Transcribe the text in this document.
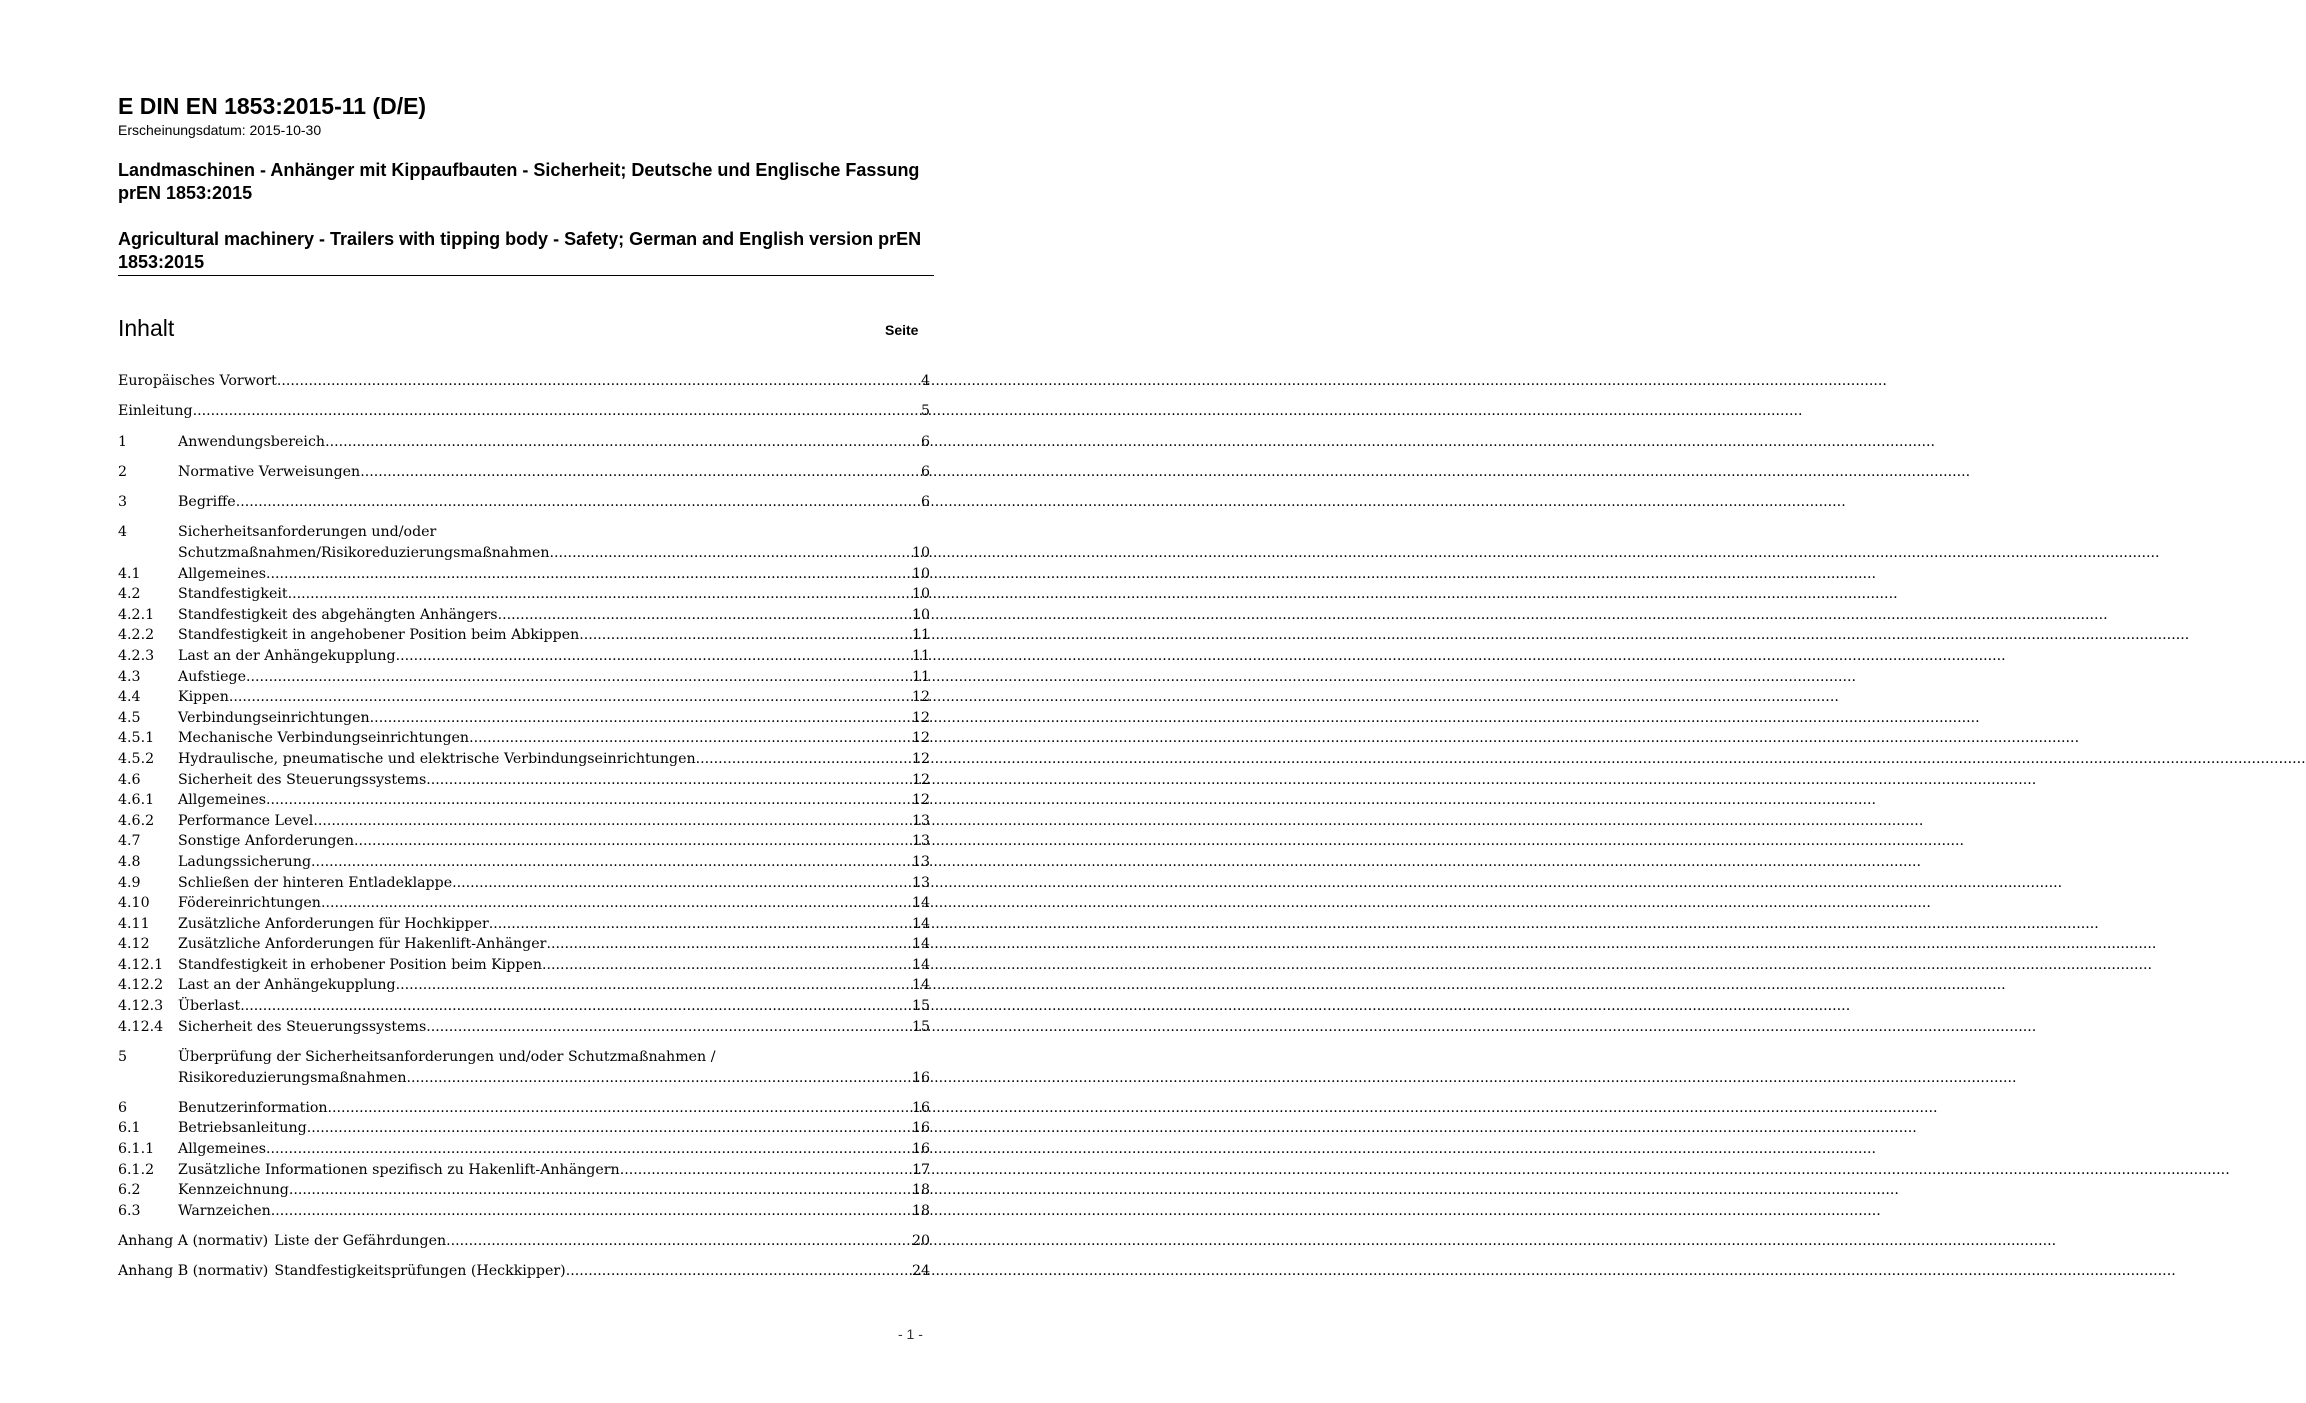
E DIN EN 1853:2015-11 (D/E)
Erscheinungsdatum: 2015-10-30
Landmaschinen - Anhänger mit Kippaufbauten - Sicherheit; Deutsche und Englische Fassung prEN 1853:2015
Agricultural machinery - Trailers with tipping body - Safety; German and English version prEN 1853:2015
Inhalt	Seite
Europäisches Vorwort .....	4
Einleitung .....	5
1	Anwendungsbereich .....	6
2	Normative Verweisungen .....	6
3	Begriffe .....	6
4	Sicherheitsanforderungen und/oder
Schutzmaßnahmen/Risikoreduzierungsmaßnahmen .....	10
4.1	Allgemeines .....	10
4.2	Standfestigkeit .....	10
4.2.1	Standfestigkeit des abgehängten Anhängers .....	10
4.2.2	Standfestigkeit in angehobener Position beim Abkippen .....	11
4.2.3	Last an der Anhängekupplung .....	11
4.3	Aufstiege .....	11
4.4	Kippen .....	12
4.5	Verbindungseinrichtungen .....	12
4.5.1	Mechanische Verbindungseinrichtungen .....	12
4.5.2	Hydraulische, pneumatische und elektrische Verbindungseinrichtungen .....	12
4.6	Sicherheit des Steuerungssystems .....	12
4.6.1	Allgemeines .....	12
4.6.2	Performance Level .....	13
4.7	Sonstige Anforderungen .....	13
4.8	Ladungssicherung .....	13
4.9	Schließen der hinteren Entladeklappe .....	13
4.10	Födereinrichtungen .....	14
4.11	Zusätzliche Anforderungen für Hochkipper .....	14
4.12	Zusätzliche Anforderungen für Hakenlift-Anhänger .....	14
4.12.1	Standfestigkeit in erhobener Position beim Kippen .....	14
4.12.2	Last an der Anhängekupplung .....	14
4.12.3	Überlast .....	15
4.12.4	Sicherheit des Steuerungssystems .....	15
5	Überprüfung der Sicherheitsanforderungen und/oder Schutzmaßnahmen /
Risikoreduzierungsmaßnahmen .....	16
6	Benutzerinformation .....	16
6.1	Betriebsanleitung .....	16
6.1.1	Allgemeines .....	16
6.1.2	Zusätzliche Informationen spezifisch zu Hakenlift-Anhängern .....	17
6.2	Kennzeichnung .....	18
6.3	Warnzeichen .....	18
Anhang A (normativ) Liste der Gefährdungen .....	20
Anhang B (normativ) Standfestigkeitsprüfungen (Heckkipper) .....	24
- 1 -
